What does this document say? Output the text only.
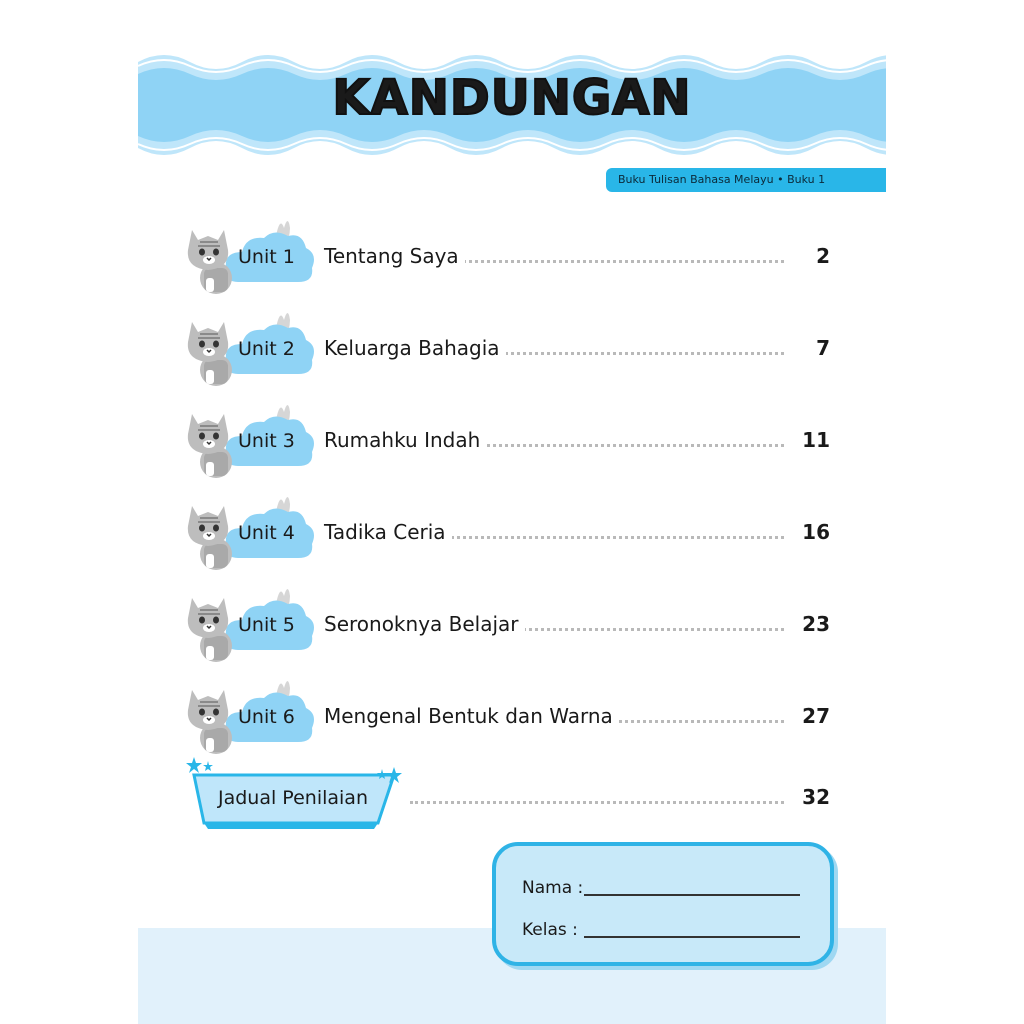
KANDUNGAN
Buku Tulisan Bahasa Melayu • Buku 1
Unit 1 Tentang Saya	2
Unit 2 Keluarga Bahagia	7
Unit 3 Rumahku Indah	11
Unit 4 Tadika Ceria	16
Unit 5 Seronoknya Belajar	23
Unit 6 Mengenal Bentuk dan Warna	27
Jadual Penilaian	32
Nama :
Kelas :
